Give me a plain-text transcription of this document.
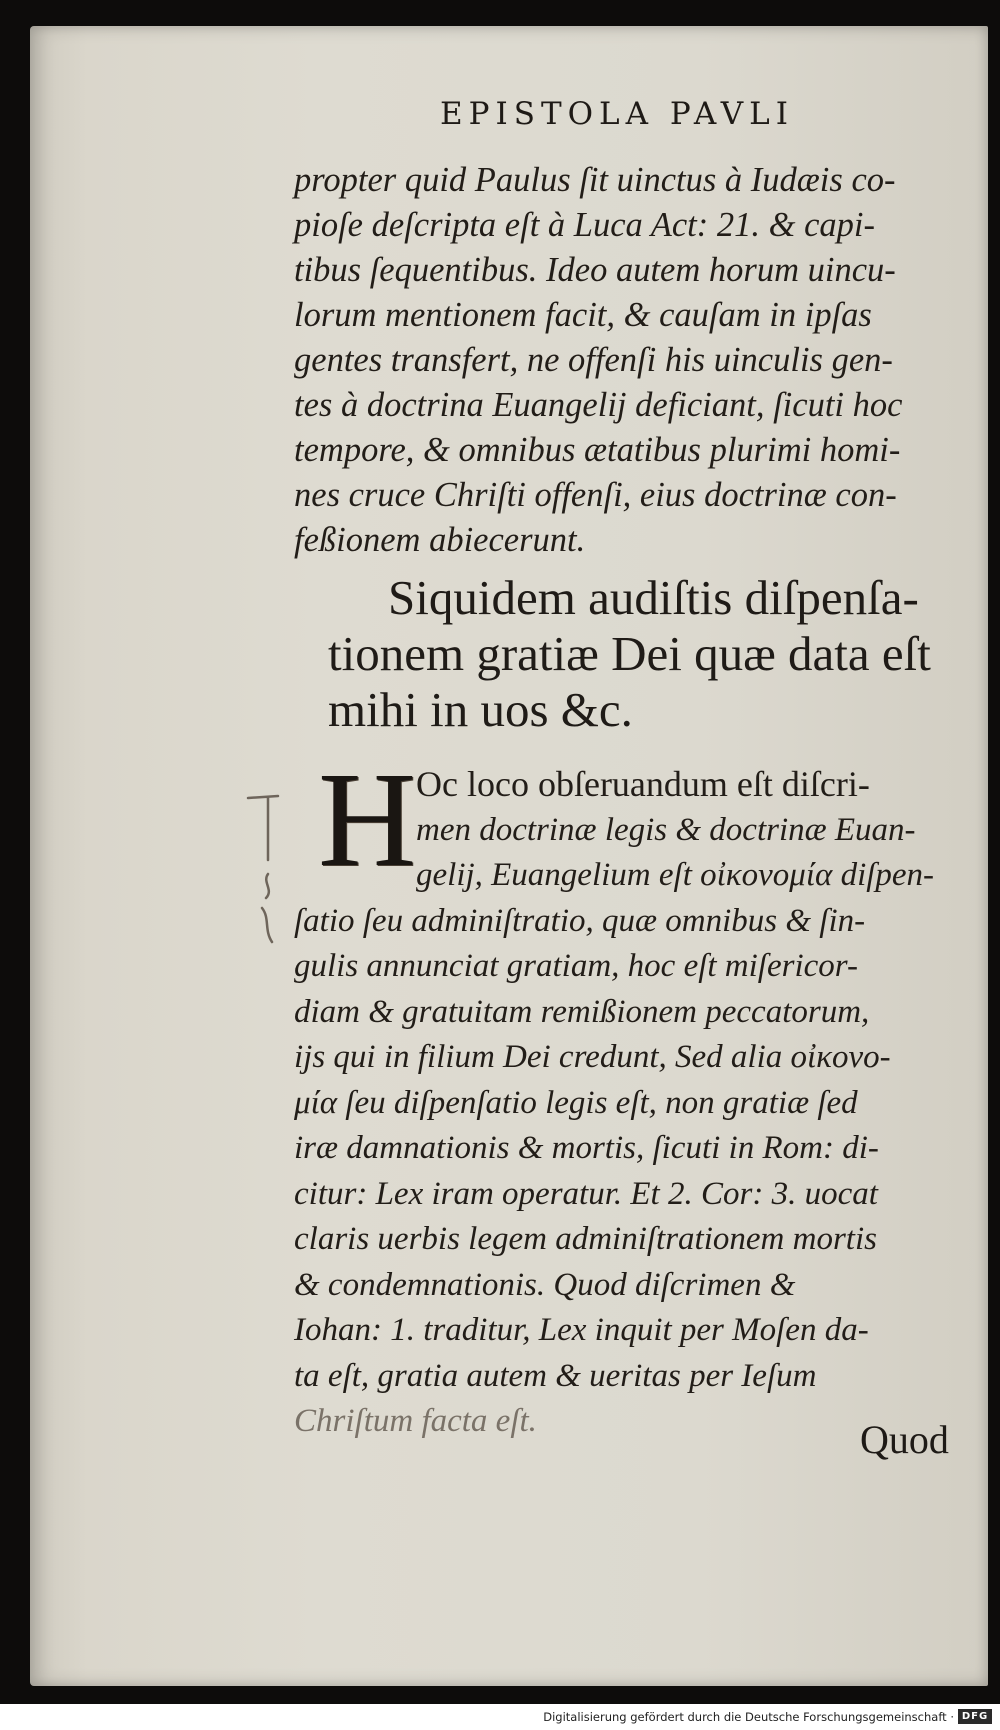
EPISTOLA PAVLI
propter quid Paulus ſit uinctus à Iudæis co-
pioſe deſcripta eſt à Luca Act: 21. & capi-
tibus ſequentibus. Ideo autem horum uincu-
lorum mentionem facit, & cauſam in ipſas
gentes transfert, ne offenſi his uinculis gen-
tes à doctrina Euangelij deficiant, ſicuti hoc
tempore, & omnibus ætatibus plurimi homi-
nes cruce Chriſti offenſi, eius doctrinæ con-
feßionem abiecerunt.
Siquidem audiſtis diſpenſa-
tionem gratiæ Dei quæ data eſt
mihi in uos &c.
H Oc loco obſeruandum eſt diſcri-
men doctrinæ legis & doctrinæ Euan-
gelij, Euangelium eſt οἰκονομία diſpen-
ſatio ſeu adminiſtratio, quæ omnibus & ſin-
gulis annunciat gratiam, hoc eſt miſericor-
diam & gratuitam remißionem peccatorum,
ijs qui in filium Dei credunt, Sed alia οἰκονο-
μία ſeu diſpenſatio legis eſt, non gratiæ ſed
iræ damnationis & mortis, ſicuti in Rom: di-
citur: Lex iram operatur. Et 2. Cor: 3. uocat
claris uerbis legem adminiſtrationem mortis
& condemnationis. Quod diſcrimen &
Iohan: 1. traditur, Lex inquit per Moſen da-
ta eſt, gratia autem & ueritas per Ieſum
Chriſtum facta eſt.	Quod
Digitalisierung gefördert durch die Deutsche Forschungsgemeinschaft · DFG
